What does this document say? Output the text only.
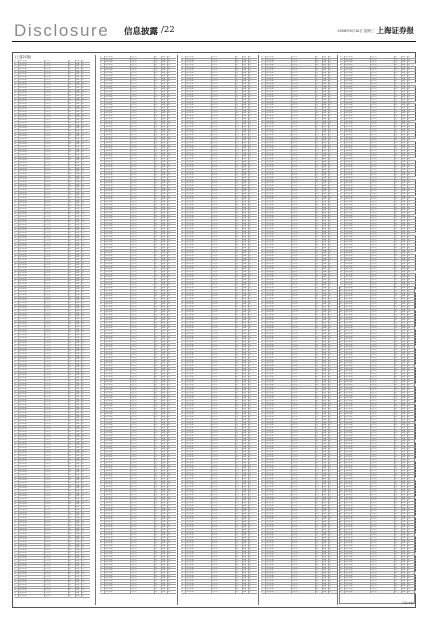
Disclosure 信息披露 /22	2008年6月18日 星期三 上海证券报
(上接21版)
0	证券名称	持有人	0	0.0	0
0	证券名称	持有人	0	0.0	0
0	证券名称	持有人	0	0.0	0
0	证券名称	持有人	0	0.0	0
0	证券名称	持有人	0	0.0	0
0	证券名称	持有人	0	0.0	0
0	证券名称	持有人	0	0.0	0
0	证券名称	持有人	0	0.0	0
0	证券名称	持有人	0	0.0	0
0	证券名称	持有人	0	0.0	0
0	证券名称	持有人	0	0.0	0
0	证券名称	持有人	0	0.0	0
0	证券名称	持有人	0	0.0	0
0	证券名称	持有人	0	0.0	0
0	证券名称	持有人	0	0.0	0
0	证券名称	持有人	0	0.0	0
0	证券名称	持有人	0	0.0	0
0	证券名称	持有人	0	0.0	0
0	证券名称	持有人	0	0.0	0
0	证券名称	持有人	0	0.0	0
0	证券名称	持有人	0	0.0	0
0	证券名称	持有人	0	0.0	0
0	证券名称	持有人	0	0.0	0
0	证券名称	持有人	0	0.0	0
0	证券名称	持有人	0	0.0	0
0	证券名称	持有人	0	0.0	0
0	证券名称	持有人	0	0.0	0
0	证券名称	持有人	0	0.0	0
0	证券名称	持有人	0	0.0	0
0	证券名称	持有人	0	0.0	0
0	证券名称	持有人	0	0.0	0
0	证券名称	持有人	0	0.0	0
0	证券名称	持有人	0	0.0	0
0	证券名称	持有人	0	0.0	0
0	证券名称	持有人	0	0.0	0
0	证券名称	持有人	0	0.0	0
0	证券名称	持有人	0	0.0	0
0	证券名称	持有人	0	0.0	0
0	证券名称	持有人	0	0.0	0
0	证券名称	持有人	0	0.0	0
0	证券名称	持有人	0	0.0	0
0	证券名称	持有人	0	0.0	0
0	证券名称	持有人	0	0.0	0
0	证券名称	持有人	0	0.0	0
0	证券名称	持有人	0	0.0	0
0	证券名称	持有人	0	0.0	0
0	证券名称	持有人	0	0.0	0
0	证券名称	持有人	0	0.0	0
0	证券名称	持有人	0	0.0	0
0	证券名称	持有人	0	0.0	0
0	证券名称	持有人	0	0.0	0
0	证券名称	持有人	0	0.0	0
0	证券名称	持有人	0	0.0	0
0	证券名称	持有人	0	0.0	0
0	证券名称	持有人	0	0.0	0
0	证券名称	持有人	0	0.0	0
0	证券名称	持有人	0	0.0	0
0	证券名称	持有人	0	0.0	0
0	证券名称	持有人	0	0.0	0
0	证券名称	持有人	0	0.0	0
0	证券名称	持有人	0	0.0	0
0	证券名称	持有人	0	0.0	0
0	证券名称	持有人	0	0.0	0
0	证券名称	持有人	0	0.0	0
0	证券名称	持有人	0	0.0	0
0	证券名称	持有人	0	0.0	0
0	证券名称	持有人	0	0.0	0
0	证券名称	持有人	0	0.0	0
0	证券名称	持有人	0	0.0	0
0	证券名称	持有人	0	0.0	0
0	证券名称	持有人	0	0.0	0
0	证券名称	持有人	0	0.0	0
0	证券名称	持有人	0	0.0	0
0	证券名称	持有人	0	0.0	0
0	证券名称	持有人	0	0.0	0
0	证券名称	持有人	0	0.0	0
0	证券名称	持有人	0	0.0	0
0	证券名称	持有人	0	0.0	0
0	证券名称	持有人	0	0.0	0
0	证券名称	持有人	0	0.0	0
0	证券名称	持有人	0	0.0	0
0	证券名称	持有人	0	0.0	0
0	证券名称	持有人	0	0.0	0
0	证券名称	持有人	0	0.0	0
0	证券名称	持有人	0	0.0	0
0	证券名称	持有人	0	0.0	0
0	证券名称	持有人	0	0.0	0
0	证券名称	持有人	0	0.0	0
0	证券名称	持有人	0	0.0	0
0	证券名称	持有人	0	0.0	0
0	证券名称	持有人	0	0.0	0
0	证券名称	持有人	0	0.0	0
0	证券名称	持有人	0	0.0	0
0	证券名称	持有人	0	0.0	0
0	证券名称	持有人	0	0.0	0
0	证券名称	持有人	0	0.0	0
0	证券名称	持有人	0	0.0	0
0	证券名称	持有人	0	0.0	0
0	证券名称	持有人	0	0.0	0
0	证券名称	持有人	0	0.0	0
0	证券名称	持有人	0	0.0	0
0	证券名称	持有人	0	0.0	0
0	证券名称	持有人	0	0.0	0
0	证券名称	持有人	0	0.0	0
0	证券名称	持有人	0	0.0	0
0	证券名称	持有人	0	0.0	0
0	证券名称	持有人	0	0.0	0
0	证券名称	持有人	0	0.0	0
0	证券名称	持有人	0	0.0	0
0	证券名称	持有人	0	0.0	0
0	证券名称	持有人	0	0.0	0
0	证券名称	持有人	0	0.0	0
0	证券名称	持有人	0	0.0	0
0	证券名称	持有人	0	0.0	0
0	证券名称	持有人	0	0.0	0
0	证券名称	持有人	0	0.0	0
0	证券名称	持有人	0	0.0	0
0	证券名称	持有人	0	0.0	0
0	证券名称	持有人	0	0.0	0
0	证券名称	持有人	0	0.0	0
0	证券名称	持有人	0	0.0	0
0	证券名称	持有人	0	0.0	0
0	证券名称	持有人	0	0.0	0
0	证券名称	持有人	0	0.0	0
0	证券名称	持有人	0	0.0	0
0	证券名称	持有人	0	0.0	0
0	证券名称	持有人	0	0.0	0
0	证券名称	持有人	0	0.0	0
0	证券名称	持有人	0	0.0	0
0	证券名称	持有人	0	0.0	0
0	证券名称	持有人	0	0.0	0
0	证券名称	持有人	0	0.0	0
0	证券名称	持有人	0	0.0	0
0	证券名称	持有人	0	0.0	0
0	证券名称	持有人	0	0.0	0
0	证券名称	持有人	0	0.0	0
0	证券名称	持有人	0	0.0	0
0	证券名称	持有人	0	0.0	0
0	证券名称	持有人	0	0.0	0
0	证券名称	持有人	0	0.0	0
0	证券名称	持有人	0	0.0	0
0	证券名称	持有人	0	0.0	0
0	证券名称	持有人	0	0.0	0
0	证券名称	持有人	0	0.0	0
0	证券名称	持有人	0	0.0	0
0	证券名称	持有人	0	0.0	0
0	证券名称	持有人	0	0.0	0
0	证券名称	持有人	0	0.0	0
0	证券名称	持有人	0	0.0	0
0	证券名称	持有人	0	0.0	0
0	证券名称	持有人	0	0.0	0
0	证券名称	持有人	0	0.0	0
0	证券名称	持有人	0	0.0	0
0	证券名称	持有人	0	0.0	0
0	证券名称	持有人	0	0.0	0
0	证券名称	持有人	0	0.0	0
0	证券名称	持有人	0	0.0	0
0	证券名称	持有人	0	0.0	0
0	证券名称	持有人	0	0.0	0
0	证券名称	持有人	0	0.0	0
0	证券名称	持有人	0	0.0	0
0	证券名称	持有人	0	0.0	0
0	证券名称	持有人	0	0.0	0
0	证券名称	持有人	0	0.0	0
0	证券名称	持有人	0	0.0	0
0	证券名称	持有人	0	0.0	0
0	证券名称	持有人	0	0.0	0
0	证券名称	持有人	0	0.0	0
0	证券名称	持有人	0	0.0	0
0	证券名称	持有人	0	0.0	0
0	证券名称	持有人	0	0.0	0
0	证券名称	持有人	0	0.0	0
0	证券名称	持有人	0	0.0	0
0	证券名称	持有人	0	0.0	0
0	证券名称	持有人	0	0.0	0
0	证券名称	持有人	0	0.0	0
0	证券名称	持有人	0	0.0	0
0	证券名称	持有人	0	0.0	0
0	证券名称	持有人	0	0.0	0
0	证券名称	持有人	0	0.0	0
0	证券名称	持有人	0	0.0	0
0	证券名称	持有人	0	0.0	0
0	证券名称	持有人	0	0.0	0
0	证券名称	持有人	0	0.0	0
0	证券名称	持有人	0	0.0	0
0	证券名称	持有人	0	0.0	0
0	证券名称	持有人	0	0.0	0
0	证券名称	持有人	0	0.0	0
0	证券名称	持有人	0	0.0	0
0	证券名称	持有人	0	0.0	0
0	证券名称	持有人	0	0.0	0
0	证券名称	持有人	0	0.0	0
0	证券名称	持有人	0	0.0	0
0	证券名称	持有人	0	0.0	0
0	证券名称	持有人	0	0.0	0
0	证券名称	持有人	0	0.0	0
0	证券名称	持有人	0	0.0	0
0	证券名称	持有人	0	0.0	0
0	证券名称	持有人	0	0.0	0
0	证券名称	持有人	0	0.0	0
0	证券名称	持有人	0	0.0	0
0	证券名称	持有人	0	0.0	0
0	证券名称	持有人	0	0.0	0
0	证券名称	持有人	0	0.0	0
0	证券名称	持有人	0	0.0	0
0	证券名称	持有人	0	0.0	0
0	证券名称	持有人	0	0.0	0
0	证券名称	持有人	0	0.0	0
0	证券名称	持有人	0	0.0	0
0	证券名称	持有人	0	0.0	0
0	证券名称	持有人	0	0.0	0
0	证券名称	持有人	0	0.0	0
0	证券名称	持有人	0	0.0	0
0	证券名称	持有人	0	0.0	0
0	证券名称	持有人	0	0.0	0
0	证券名称	持有人	0	0.0	0
0	证券名称	持有人	0	0.0	0
0	证券名称	持有人	0	0.0	0
0	证券名称	持有人	0	0.0	0
0	证券名称	持有人	0	0.0	0
0	证券名称	持有人	0	0.0	0
0	证券名称	持有人	0	0.0	0
0	证券名称	持有人	0	0.0	0
0	证券名称	持有人	0	0.0	0
0	证券名称	持有人	0	0.0	0
0	证券名称	持有人	0	0.0	0
0	证券名称	持有人	0	0.0	0
0	证券名称	持有人	0	0.0	0
0	证券名称	持有人	0	0.0	0
0	证券名称	持有人	0	0.0	0
0	证券名称	持有人	0	0.0	0
0	证券名称	持有人	0	0.0	0
0	证券名称	持有人	0	0.0	0
0	证券名称	持有人	0	0.0	0
0	证券名称	持有人	0	0.0	0
0	证券名称	持有人	0	0.0	0
0	证券名称	持有人	0	0.0	0
0	证券名称	持有人	0	0.0	0
0	证券名称	持有人	0	0.0	0
0	证券名称	持有人	0	0.0	0
0	证券名称	持有人	0	0.0	0
0	证券名称	持有人	0	0.0	0
0	证券名称	持有人	0	0.0	0
0	证券名称	持有人	0	0.0	0
0	证券名称	持有人	0	0.0	0
0	证券名称	持有人	0	0.0	0
0	证券名称	持有人	0	0.0	0
0	证券名称	持有人	0	0.0	0
0	证券名称	持有人	0	0.0	0
0	证券名称	持有人	0	0.0	0
0	证券名称	持有人	0	0.0	0
0	证券名称	持有人	0	0.0	0
0	证券名称	持有人	0	0.0	0
0	证券名称	持有人	0	0.0	0
0	证券名称	持有人	0	0.0	0
0	证券名称	持有人	0	0.0	0
0	证券名称	持有人	0	0.0	0
0	证券名称	持有人	0	0.0	0
0	证券名称	持有人	0	0.0	0
0	证券名称	持有人	0	0.0	0
0	证券名称	持有人	0	0.0	0
0	证券名称	持有人	0	0.0	0
0	证券名称	持有人	0	0.0	0
0	证券名称	持有人	0	0.0	0
0	证券名称	持有人	0	0.0	0
0	证券名称	持有人	0	0.0	0
0	证券名称	持有人	0	0.0	0
0	证券名称	持有人	0	0.0	0
0	证券名称	持有人	0	0.0	0
0	证券名称	持有人	0	0.0	0
0	证券名称	持有人	0	0.0	0
0	证券名称	持有人	0	0.0	0
0	证券名称	持有人	0	0.0	0
0	证券名称	持有人	0	0.0	0
0	证券名称	持有人	0	0.0	0
0	证券名称	持有人	0	0.0	0
0	证券名称	持有人	0	0.0	0
0	证券名称	持有人	0	0.0	0
0	证券名称	持有人	0	0.0	0
0	证券名称	持有人	0	0.0	0
0	证券名称	持有人	0	0.0	0
0	证券名称	持有人	0	0.0	0
0	证券名称	持有人	0	0.0	0
0	证券名称	持有人	0	0.0	0
0	证券名称	持有人	0	0.0	0
0	证券名称	持有人	0	0.0	0
0	证券名称	持有人	0	0.0	0
0	证券名称	持有人	0	0.0	0
0	证券名称	持有人	0	0.0	0
0	证券名称	持有人	0	0.0	0
0	证券名称	持有人	0	0.0	0
0	证券名称	持有人	0	0.0	0
0	证券名称	持有人	0	0.0	0
0	证券名称	持有人	0	0.0	0
0	证券名称	持有人	0	0.0	0
0	证券名称	持有人	0	0.0	0
0	证券名称	持有人	0	0.0	0
0	证券名称	持有人	0	0.0	0
0	证券名称	持有人	0	0.0	0
0	证券名称	持有人	0	0.0	0
0	证券名称	持有人	0	0.0	0
0	证券名称	持有人	0	0.0	0
0	证券名称	持有人	0	0.0	0
0	证券名称	持有人	0	0.0	0
0	证券名称	持有人	0	0.0	0
0	证券名称	持有人	0	0.0	0
0	证券名称	持有人	0	0.0	0
0	证券名称	持有人	0	0.0	0
0	证券名称	持有人	0	0.0	0
0	证券名称	持有人	0	0.0	0
0	证券名称	持有人	0	0.0	0
0	证券名称	持有人	0	0.0	0
0	证券名称	持有人	0	0.0	0
0	证券名称	持有人	0	0.0	0
0	证券名称	持有人	0	0.0	0
0	证券名称	持有人	0	0.0	0
0	证券名称	持有人	0	0.0	0
0	证券名称	持有人	0	0.0	0
0	证券名称	持有人	0	0.0	0
0	证券名称	持有人	0	0.0	0
0	证券名称	持有人	0	0.0	0
0	证券名称	持有人	0	0.0	0
0	证券名称	持有人	0	0.0	0
0	证券名称	持有人	0	0.0	0
0	证券名称	持有人	0	0.0	0
0	证券名称	持有人	0	0.0	0
0	证券名称	持有人	0	0.0	0
0	证券名称	持有人	0	0.0	0
0	证券名称	持有人	0	0.0	0
0	证券名称	持有人	0	0.0	0
0	证券名称	持有人	0	0.0	0
0	证券名称	持有人	0	0.0	0
0	证券名称	持有人	0	0.0	0
0	证券名称	持有人	0	0.0	0
0	证券名称	持有人	0	0.0	0
0	证券名称	持有人	0	0.0	0
0	证券名称	持有人	0	0.0	0
0	证券名称	持有人	0	0.0	0
0	证券名称	持有人	0	0.0	0
0	证券名称	持有人	0	0.0	0
0	证券名称	持有人	0	0.0	0
0	证券名称	持有人	0	0.0	0
0	证券名称	持有人	0	0.0	0
0	证券名称	持有人	0	0.0	0
0	证券名称	持有人	0	0.0	0
0	证券名称	持有人	0	0.0	0
0	证券名称	持有人	0	0.0	0
0	证券名称	持有人	0	0.0	0
0	证券名称	持有人	0	0.0	0
0	证券名称	持有人	0	0.0	0
0	证券名称	持有人	0	0.0	0
0	证券名称	持有人	0	0.0	0
0	证券名称	持有人	0	0.0	0
0	证券名称	持有人	0	0.0	0
0	证券名称	持有人	0	0.0	0
0	证券名称	持有人	0	0.0	0
0	证券名称	持有人	0	0.0	0
0	证券名称	持有人	0	0.0	0
0	证券名称	持有人	0	0.0	0
0	证券名称	持有人	0	0.0	0
0	证券名称	持有人	0	0.0	0
0	证券名称	持有人	0	0.0	0
0	证券名称	持有人	0	0.0	0
0	证券名称	持有人	0	0.0	0
0	证券名称	持有人	0	0.0	0
0	证券名称	持有人	0	0.0	0
0	证券名称	持有人	0	0.0	0
0	证券名称	持有人	0	0.0	0
0	证券名称	持有人	0	0.0	0
0	证券名称	持有人	0	0.0	0
0	证券名称	持有人	0	0.0	0
0	证券名称	持有人	0	0.0	0
0	证券名称	持有人	0	0.0	0
0	证券名称	持有人	0	0.0	0
0	证券名称	持有人	0	0.0	0
0	证券名称	持有人	0	0.0	0
0	证券名称	持有人	0	0.0	0
0	证券名称	持有人	0	0.0	0
0	证券名称	持有人	0	0.0	0
0	证券名称	持有人	0	0.0	0
0	证券名称	持有人	0	0.0	0
0	证券名称	持有人	0	0.0	0
0	证券名称	持有人	0	0.0	0
0	证券名称	持有人	0	0.0	0
0	证券名称	持有人	0	0.0	0
0	证券名称	持有人	0	0.0	0
0	证券名称	持有人	0	0.0	0
0	证券名称	持有人	0	0.0	0
0	证券名称	持有人	0	0.0	0
0	证券名称	持有人	0	0.0	0
0	证券名称	持有人	0	0.0	0
0	证券名称	持有人	0	0.0	0
0	证券名称	持有人	0	0.0	0
0	证券名称	持有人	0	0.0	0
0	证券名称	持有人	0	0.0	0
0	证券名称	持有人	0	0.0	0
0	证券名称	持有人	0	0.0	0
0	证券名称	持有人	0	0.0	0
0	证券名称	持有人	0	0.0	0
0	证券名称	持有人	0	0.0	0
0	证券名称	持有人	0	0.0	0
0	证券名称	持有人	0	0.0	0
0	证券名称	持有人	0	0.0	0
0	证券名称	持有人	0	0.0	0
0	证券名称	持有人	0	0.0	0
0	证券名称	持有人	0	0.0	0
0	证券名称	持有人	0	0.0	0
0	证券名称	持有人	0	0.0	0
0	证券名称	持有人	0	0.0	0
0	证券名称	持有人	0	0.0	0
0	证券名称	持有人	0	0.0	0
0	证券名称	持有人	0	0.0	0
0	证券名称	持有人	0	0.0	0
0	证券名称	持有人	0	0.0	0
0	证券名称	持有人	0	0.0	0
0	证券名称	持有人	0	0.0	0
0	证券名称	持有人	0	0.0	0
0	证券名称	持有人	0	0.0	0
0	证券名称	持有人	0	0.0	0
0	证券名称	持有人	0	0.0	0
0	证券名称	持有人	0	0.0	0
0	证券名称	持有人	0	0.0	0
0	证券名称	持有人	0	0.0	0
0	证券名称	持有人	0	0.0	0
0	证券名称	持有人	0	0.0	0
0	证券名称	持有人	0	0.0	0
0	证券名称	持有人	0	0.0	0
0	证券名称	持有人	0	0.0	0
0	证券名称	持有人	0	0.0	0
0	证券名称	持有人	0	0.0	0
0	证券名称	持有人	0	0.0	0
0	证券名称	持有人	0	0.0	0
0	证券名称	持有人	0	0.0	0
0	证券名称	持有人	0	0.0	0
0	证券名称	持有人	0	0.0	0
0	证券名称	持有人	0	0.0	0
0	证券名称	持有人	0	0.0	0
0	证券名称	持有人	0	0.0	0
0	证券名称	持有人	0	0.0	0
0	证券名称	持有人	0	0.0	0
0	证券名称	持有人	0	0.0	0
0	证券名称	持有人	0	0.0	0
0	证券名称	持有人	0	0.0	0
0	证券名称	持有人	0	0.0	0
0	证券名称	持有人	0	0.0	0
0	证券名称	持有人	0	0.0	0
0	证券名称	持有人	0	0.0	0
0	证券名称	持有人	0	0.0	0
0	证券名称	持有人	0	0.0	0
0	证券名称	持有人	0	0.0	0
0	证券名称	持有人	0	0.0	0
0	证券名称	持有人	0	0.0	0
0	证券名称	持有人	0	0.0	0
0	证券名称	持有人	0	0.0	0
0	证券名称	持有人	0	0.0	0
0	证券名称	持有人	0	0.0	0
0	证券名称	持有人	0	0.0	0
0	证券名称	持有人	0	0.0	0
0	证券名称	持有人	0	0.0	0
0	证券名称	持有人	0	0.0	0
0	证券名称	持有人	0	0.0	0
0	证券名称	持有人	0	0.0	0
0	证券名称	持有人	0	0.0	0
0	证券名称	持有人	0	0.0	0
0	证券名称	持有人	0	0.0	0
0	证券名称	持有人	0	0.0	0
0	证券名称	持有人	0	0.0	0
0	证券名称	持有人	0	0.0	0
0	证券名称	持有人	0	0.0	0
0	证券名称	持有人	0	0.0	0
0	证券名称	持有人	0	0.0	0
0	证券名称	持有人	0	0.0	0
0	证券名称	持有人	0	0.0	0
0	证券名称	持有人	0	0.0	0
0	证券名称	持有人	0	0.0	0
0	证券名称	持有人	0	0.0	0
0	证券名称	持有人	0	0.0	0
0	证券名称	持有人	0	0.0	0
0	证券名称	持有人	0	0.0	0
0	证券名称	持有人	0	0.0	0
0	证券名称	持有人	0	0.0	0
0	证券名称	持有人	0	0.0	0
0	证券名称	持有人	0	0.0	0
0	证券名称	持有人	0	0.0	0
0	证券名称	持有人	0	0.0	0
0	证券名称	持有人	0	0.0	0
0	证券名称	持有人	0	0.0	0
0	证券名称	持有人	0	0.0	0
0	证券名称	持有人	0	0.0	0
0	证券名称	持有人	0	0.0	0
0	证券名称	持有人	0	0.0	0
0	证券名称	持有人	0	0.0	0
0	证券名称	持有人	0	0.0	0
0	证券名称	持有人	0	0.0	0
0	证券名称	持有人	0	0.0	0
0	证券名称	持有人	0	0.0	0
0	证券名称	持有人	0	0.0	0
0	证券名称	持有人	0	0.0	0
0	证券名称	持有人	0	0.0	0
0	证券名称	持有人	0	0.0	0
0	证券名称	持有人	0	0.0	0
0	证券名称	持有人	0	0.0	0
0	证券名称	持有人	0	0.0	0
0	证券名称	持有人	0	0.0	0
0	证券名称	持有人	0	0.0	0
0	证券名称	持有人	0	0.0	0
0	证券名称	持有人	0	0.0	0
0	证券名称	持有人	0	0.0	0
0	证券名称	持有人	0	0.0	0
0	证券名称	持有人	0	0.0	0
0	证券名称	持有人	0	0.0	0
0	证券名称	持有人	0	0.0	0
0	证券名称	持有人	0	0.0	0
0	证券名称	持有人	0	0.0	0
0	证券名称	持有人	0	0.0	0
0	证券名称	持有人	0	0.0	0
0	证券名称	持有人	0	0.0	0
0	证券名称	持有人	0	0.0	0
0	证券名称	持有人	0	0.0	0
0	证券名称	持有人	0	0.0	0
0	证券名称	持有人	0	0.0	0
0	证券名称	持有人	0	0.0	0
0	证券名称	持有人	0	0.0	0
0	证券名称	持有人	0	0.0	0
0	证券名称	持有人	0	0.0	0
0	证券名称	持有人	0	0.0	0
0	证券名称	持有人	0	0.0	0
0	证券名称	持有人	0	0.0	0
0	证券名称	持有人	0	0.0	0
0	证券名称	持有人	0	0.0	0
0	证券名称	持有人	0	0.0	0
0	证券名称	持有人	0	0.0	0
0	证券名称	持有人	0	0.0	0
0	证券名称	持有人	0	0.0	0
0	证券名称	持有人	0	0.0	0
0	证券名称	持有人	0	0.0	0
0	证券名称	持有人	0	0.0	0
0	证券名称	持有人	0	0.0	0
0	证券名称	持有人	0	0.0	0
0	证券名称	持有人	0	0.0	0
0	证券名称	持有人	0	0.0	0
0	证券名称	持有人	0	0.0	0
0	证券名称	持有人	0	0.0	0
0	证券名称	持有人	0	0.0	0
0	证券名称	持有人	0	0.0	0
0	证券名称	持有人	0	0.0	0
0	证券名称	持有人	0	0.0	0
0	证券名称	持有人	0	0.0	0
0	证券名称	持有人	0	0.0	0
0	证券名称	持有人	0	0.0	0
0	证券名称	持有人	0	0.0	0
0	证券名称	持有人	0	0.0	0
0	证券名称	持有人	0	0.0	0
0	证券名称	持有人	0	0.0	0
0	证券名称	持有人	0	0.0	0
0	证券名称	持有人	0	0.0	0
0	证券名称	持有人	0	0.0	0
0	证券名称	持有人	0	0.0	0
0	证券名称	持有人	0	0.0	0
0	证券名称	持有人	0	0.0	0
0	证券名称	持有人	0	0.0	0
0	证券名称	持有人	0	0.0	0
0	证券名称	持有人	0	0.0	0
0	证券名称	持有人	0	0.0	0
0	证券名称	持有人	0	0.0	0
0	证券名称	持有人	0	0.0	0
0	证券名称	持有人	0	0.0	0
0	证券名称	持有人	0	0.0	0
0	证券名称	持有人	0	0.0	0
0	证券名称	持有人	0	0.0	0
0	证券名称	持有人	0	0.0	0
0	证券名称	持有人	0	0.0	0
0	证券名称	持有人	0	0.0	0
0	证券名称	持有人	0	0.0	0
0	证券名称	持有人	0	0.0	0
0	证券名称	持有人	0	0.0	0
0	证券名称	持有人	0	0.0	0
0	证券名称	持有人	0	0.0	0
0	证券名称	持有人	0	0.0	0
0	证券名称	持有人	0	0.0	0
0	证券名称	持有人	0	0.0	0
0	证券名称	持有人	0	0.0	0
0	证券名称	持有人	0	0.0	0
0	证券名称	持有人	0	0.0	0
0	证券名称	持有人	0	0.0	0
0	证券名称	持有人	0	0.0	0
0	证券名称	持有人	0	0.0	0
0	证券名称	持有人	0	0.0	0
0	证券名称	持有人	0	0.0	0
0	证券名称	持有人	0	0.0	0
0	证券名称	持有人	0	0.0	0
0	证券名称	持有人	0	0.0	0
0	证券名称	持有人	0	0.0	0
0	证券名称	持有人	0	0.0	0
0	证券名称	持有人	0	0.0	0
0	证券名称	持有人	0	0.0	0
0	证券名称	持有人	0	0.0	0
0	证券名称	持有人	0	0.0	0
0	证券名称	持有人	0	0.0	0
0	证券名称	持有人	0	0.0	0
0	证券名称	持有人	0	0.0	0
0	证券名称	持有人	0	0.0	0
0	证券名称	持有人	0	0.0	0
0	证券名称	持有人	0	0.0	0
0	证券名称	持有人	0	0.0	0
0	证券名称	持有人	0	0.0	0
0	证券名称	持有人	0	0.0	0
0	证券名称	持有人	0	0.0	0
0	证券名称	持有人	0	0.0	0
0	证券名称	持有人	0	0.0	0
0	证券名称	持有人	0	0.0	0
0	证券名称	持有人	0	0.0	0
0	证券名称	持有人	0	0.0	0
0	证券名称	持有人	0	0.0	0
0	证券名称	持有人	0	0.0	0
0	证券名称	持有人	0	0.0	0
0	证券名称	持有人	0	0.0	0
0	证券名称	持有人	0	0.0	0
0	证券名称	持有人	0	0.0	0
0	证券名称	持有人	0	0.0	0
0	证券名称	持有人	0	0.0	0
0	证券名称	持有人	0	0.0	0
0	证券名称	持有人	0	0.0	0
0	证券名称	持有人	0	0.0	0
0	证券名称	持有人	0	0.0	0
0	证券名称	持有人	0	0.0	0
0	证券名称	持有人	0	0.0	0
0	证券名称	持有人	0	0.0	0
0	证券名称	持有人	0	0.0	0
0	证券名称	持有人	0	0.0	0
0	证券名称	持有人	0	0.0	0
0	证券名称	持有人	0	0.0	0
0	证券名称	持有人	0	0.0	0
0	证券名称	持有人	0	0.0	0
0	证券名称	持有人	0	0.0	0
0	证券名称	持有人	0	0.0	0
0	证券名称	持有人	0	0.0	0
0	证券名称	持有人	0	0.0	0
0	证券名称	持有人	0	0.0	0
0	证券名称	持有人	0	0.0	0
0	证券名称	持有人	0	0.0	0
0	证券名称	持有人	0	0.0	0
0	证券名称	持有人	0	0.0	0
0	证券名称	持有人	0	0.0	0
0	证券名称	持有人	0	0.0	0
0	证券名称	持有人	0	0.0	0
0	证券名称	持有人	0	0.0	0
0	证券名称	持有人	0	0.0	0
0	证券名称	持有人	0	0.0	0
0	证券名称	持有人	0	0.0	0
0	证券名称	持有人	0	0.0	0
0	证券名称	持有人	0	0.0	0
0	证券名称	持有人	0	0.0	0
0	证券名称	持有人	0	0.0	0
0	证券名称	持有人	0	0.0	0
0	证券名称	持有人	0	0.0	0
0	证券名称	持有人	0	0.0	0
0	证券名称	持有人	0	0.0	0
0	证券名称	持有人	0	0.0	0
0	证券名称	持有人	0	0.0	0
0	证券名称	持有人	0	0.0	0
0	证券名称	持有人	0	0.0	0
0	证券名称	持有人	0	0.0	0
0	证券名称	持有人	0	0.0	0
0	证券名称	持有人	0	0.0	0
0	证券名称	持有人	0	0.0	0
0	证券名称	持有人	0	0.0	0
0	证券名称	持有人	0	0.0	0
0	证券名称	持有人	0	0.0	0
0	证券名称	持有人	0	0.0	0
0	证券名称	持有人	0	0.0	0
0	证券名称	持有人	0	0.0	0
0	证券名称	持有人	0	0.0	0
0	证券名称	持有人	0	0.0	0
0	证券名称	持有人	0	0.0	0
0	证券名称	持有人	0	0.0	0
0	证券名称	持有人	0	0.0	0
0	证券名称	持有人	0	0.0	0
0	证券名称	持有人	0	0.0	0
0	证券名称	持有人	0	0.0	0
0	证券名称	持有人	0	0.0	0
0	证券名称	持有人	0	0.0	0
0	证券名称	持有人	0	0.0	0
0	证券名称	持有人	0	0.0	0
0	证券名称	持有人	0	0.0	0
0	证券名称	持有人	0	0.0	0
0	证券名称	持有人	0	0.0	0
0	证券名称	持有人	0	0.0	0
0	证券名称	持有人	0	0.0	0
0	证券名称	持有人	0	0.0	0
0	证券名称	持有人	0	0.0	0
0	证券名称	持有人	0	0.0	0
0	证券名称	持有人	0	0.0	0
0	证券名称	持有人	0	0.0	0
0	证券名称	持有人	0	0.0	0
0	证券名称	持有人	0	0.0	0
0	证券名称	持有人	0	0.0	0
0	证券名称	持有人	0	0.0	0
0	证券名称	持有人	0	0.0	0
0	证券名称	持有人	0	0.0	0
0	证券名称	持有人	0	0.0	0
0	证券名称	持有人	0	0.0	0
0	证券名称	持有人	0	0.0	0
0	证券名称	持有人	0	0.0	0
0	证券名称	持有人	0	0.0	0
0	证券名称	持有人	0	0.0	0
0	证券名称	持有人	0	0.0	0
0	证券名称	持有人	0	0.0	0
0	证券名称	持有人	0	0.0	0
0	证券名称	持有人	0	0.0	0
0	证券名称	持有人	0	0.0	0
0	证券名称	持有人	0	0.0	0
0	证券名称	持有人	0	0.0	0
0	证券名称	持有人	0	0.0	0
0	证券名称	持有人	0	0.0	0
0	证券名称	持有人	0	0.0	0
0	证券名称	持有人	0	0.0	0
0	证券名称	持有人	0	0.0	0
0	证券名称	持有人	0	0.0	0
0	证券名称	持有人	0	0.0	0
0	证券名称	持有人	0	0.0	0
0	证券名称	持有人	0	0.0	0
0	证券名称	持有人	0	0.0	0
0	证券名称	持有人	0	0.0	0
0	证券名称	持有人	0	0.0	0
0	证券名称	持有人	0	0.0	0
0	证券名称	持有人	0	0.0	0
0	证券名称	持有人	0	0.0	0
0	证券名称	持有人	0	0.0	0
0	证券名称	持有人	0	0.0	0
0	证券名称	持有人	0	0.0	0
0	证券名称	持有人	0	0.0	0
0	证券名称	持有人	0	0.0	0
0	证券名称	持有人	0	0.0	0
0	证券名称	持有人	0	0.0	0
0	证券名称	持有人	0	0.0	0
0	证券名称	持有人	0	0.0	0
0	证券名称	持有人	0	0.0	0
0	证券名称	持有人	0	0.0	0
0	证券名称	持有人	0	0.0	0
0	证券名称	持有人	0	0.0	0
0	证券名称	持有人	0	0.0	0
0	证券名称	持有人	0	0.0	0
0	证券名称	持有人	0	0.0	0
0	证券名称	持有人	0	0.0	0
0	证券名称	持有人	0	0.0	0
0	证券名称	持有人	0	0.0	0
0	证券名称	持有人	0	0.0	0
0	证券名称	持有人	0	0.0	0
0	证券名称	持有人	0	0.0	0
0	证券名称	持有人	0	0.0	0
0	证券名称	持有人	0	0.0	0
0	证券名称	持有人	0	0.0	0
0	证券名称	持有人	0	0.0	0
0	证券名称	持有人	0	0.0	0
0	证券名称	持有人	0	0.0	0
0	证券名称	持有人	0	0.0	0
0	证券名称	持有人	0	0.0	0
0	证券名称	持有人	0	0.0	0
0	证券名称	持有人	0	0.0	0
0	证券名称	持有人	0	0.0	0
0	证券名称	持有人	0	0.0	0
0	证券名称	持有人	0	0.0	0
0	证券名称	持有人	0	0.0	0
0	证券名称	持有人	0	0.0	0
0	证券名称	持有人	0	0.0	0
0	证券名称	持有人	0	0.0	0
0	证券名称	持有人	0	0.0	0
0	证券名称	持有人	0	0.0	0
0	证券名称	持有人	0	0.0	0
0	证券名称	持有人	0	0.0	0
0	证券名称	持有人	0	0.0	0
0	证券名称	持有人	0	0.0	0
0	证券名称	持有人	0	0.0	0
0	证券名称	持有人	0	0.0	0
0	证券名称	持有人	0	0.0	0
0	证券名称	持有人	0	0.0	0
0	证券名称	持有人	0	0.0	0
0	证券名称	持有人	0	0.0	0
0	证券名称	持有人	0	0.0	0
0	证券名称	持有人	0	0.0	0
0	证券名称	持有人	0	0.0	0
0	证券名称	持有人	0	0.0	0
0	证券名称	持有人	0	0.0	0
0	证券名称	持有人	0	0.0	0
0	证券名称	持有人	0	0.0	0
0	证券名称	持有人	0	0.0	0
0	证券名称	持有人	0	0.0	0
0	证券名称	持有人	0	0.0	0
0	证券名称	持有人	0	0.0	0
0	证券名称	持有人	0	0.0	0
0	证券名称	持有人	0	0.0	0
0	证券名称	持有人	0	0.0	0
0	证券名称	持有人	0	0.0	0
0	证券名称	持有人	0	0.0	0
0	证券名称	持有人	0	0.0	0
0	证券名称	持有人	0	0.0	0
0	证券名称	持有人	0	0.0	0
0	证券名称	持有人	0	0.0	0
0	证券名称	持有人	0	0.0	0
0	证券名称	持有人	0	0.0	0
0	证券名称	持有人	0	0.0	0
0	证券名称	持有人	0	0.0	0
0	证券名称	持有人	0	0.0	0
0	证券名称	持有人	0	0.0	0
0	证券名称	持有人	0	0.0	0
0	证券名称	持有人	0	0.0	0
0	证券名称	持有人	0	0.0	0
0	证券名称	持有人	0	0.0	0
0	证券名称	持有人	0	0.0	0
0	证券名称	持有人	0	0.0	0
0	证券名称	持有人	0	0.0	0
0	证券名称	持有人	0	0.0	0
0	证券名称	持有人	0	0.0	0
0	证券名称	持有人	0	0.0	0
0	证券名称	持有人	0	0.0	0
0	证券名称	持有人	0	0.0	0
0	证券名称	持有人	0	0.0	0
0	证券名称	持有人	0	0.0	0
0	证券名称	持有人	0	0.0	0
0	证券名称	持有人	0	0.0	0
0	证券名称	持有人	0	0.0	0
0	证券名称	持有人	0	0.0	0
0	证券名称	持有人	0	0.0	0
0	证券名称	持有人	0	0.0	0
0	证券名称	持有人	0	0.0	0
0	证券名称	持有人	0	0.0	0
0	证券名称	持有人	0	0.0	0
0	证券名称	持有人	0	0.0	0
0	证券名称	持有人	0	0.0	0
0	证券名称	持有人	0	0.0	0
0	证券名称	持有人	0	0.0	0
0	证券名称	持有人	0	0.0	0
0	证券名称	持有人	0	0.0	0
0	证券名称	持有人	0	0.0	0
0	证券名称	持有人	0	0.0	0
0	证券名称	持有人	0	0.0	0
0	证券名称	持有人	0	0.0	0
0	证券名称	持有人	0	0.0	0
0	证券名称	持有人	0	0.0	0
0	证券名称	持有人	0	0.0	0
0	证券名称	持有人	0	0.0	0
0	证券名称	持有人	0	0.0	0
0	证券名称	持有人	0	0.0	0
0	证券名称	持有人	0	0.0	0
0	证券名称	持有人	0	0.0	0
0	证券名称	持有人	0	0.0	0
0	证券名称	持有人	0	0.0	0
0	证券名称	持有人	0	0.0	0
0	证券名称	持有人	0	0.0	0
0	证券名称	持有人	0	0.0	0
0	证券名称	持有人	0	0.0	0
0	证券名称	持有人	0	0.0	0
0	证券名称	持有人	0	0.0	0
0	证券名称	持有人	0	0.0	0
0	证券名称	持有人	0	0.0	0
0	证券名称	持有人	0	0.0	0
0	证券名称	持有人	0	0.0	0
0	证券名称	持有人	0	0.0	0
0	证券名称	持有人	0	0.0	0
0	证券名称	持有人	0	0.0	0
0	证券名称	持有人	0	0.0	0
0	证券名称	持有人	0	0.0	0
0	证券名称	持有人	0	0.0	0
0	证券名称	持有人	0	0.0	0
0	证券名称	持有人	0	0.0	0
0	证券名称	持有人	0	0.0	0
0	证券名称	持有人	0	0.0	0
0	证券名称	持有人	0	0.0	0
0	证券名称	持有人	0	0.0	0
0	证券名称	持有人	0	0.0	0
0	证券名称	持有人	0	0.0	0
0	证券名称	持有人	0	0.0	0
0	证券名称	持有人	0	0.0	0
0	证券名称	持有人	0	0.0	0
0	证券名称	持有人	0	0.0	0
0	证券名称	持有人	0	0.0	0
0	证券名称	持有人	0	0.0	0
0	证券名称	持有人	0	0.0	0
0	证券名称	持有人	0	0.0	0
0	证券名称	持有人	0	0.0	0
0	证券名称	持有人	0	0.0	0
0	证券名称	持有人	0	0.0	0
0	证券名称	持有人	0	0.0	0
0	证券名称	持有人	0	0.0	0
0	证券名称	持有人	0	0.0	0
0	证券名称	持有人	0	0.0	0
0	证券名称	持有人	0	0.0	0
0	证券名称	持有人	0	0.0	0
0	证券名称	持有人	0	0.0	0
0	证券名称	持有人	0	0.0	0
0	证券名称	持有人	0	0.0	0
0	证券名称	持有人	0	0.0	0
0	证券名称	持有人	0	0.0	0
0	证券名称	持有人	0	0.0	0
0	证券名称	持有人	0	0.0	0
0	证券名称	持有人	0	0.0	0
0	证券名称	持有人	0	0.0	0
0	证券名称	持有人	0	0.0	0
0	证券名称	持有人	0	0.0	0
0	证券名称	持有人	0	0.0	0
0	证券名称	持有人	0	0.0	0
0	证券名称	持有人	0	0.0	0
0	证券名称	持有人	0	0.0	0
0	证券名称	持有人	0	0.0	0
0	证券名称	持有人	0	0.0	0
0	证券名称	持有人	0	0.0	0
0	证券名称	持有人	0	0.0	0
0	证券名称	持有人	0	0.0	0
0	证券名称	持有人	0	0.0	0
0	证券名称	持有人	0	0.0	0
0	证券名称	持有人	0	0.0	0
0	证券名称	持有人	0	0.0	0
0	证券名称	持有人	0	0.0	0
0	证券名称	持有人	0	0.0	0
0	证券名称	持有人	0	0.0	0
0	证券名称	持有人	0	0.0	0
0	证券名称	持有人	0	0.0	0
0	证券名称	持有人	0	0.0	0
0	证券名称	持有人	0	0.0	0
0	证券名称	持有人	0	0.0	0
0	证券名称	持有人	0	0.0	0
0	证券名称	持有人	0	0.0	0
0	证券名称	持有人	0	0.0	0
0	证券名称	持有人	0	0.0	0
0	证券名称	持有人	0	0.0	0
0	证券名称	持有人	0	0.0	0
0	证券名称	持有人	0	0.0	0
0	证券名称	持有人	0	0.0	0
0	证券名称	持有人	0	0.0	0
0	证券名称	持有人	0	0.0	0
0	证券名称	持有人	0	0.0	0
0	证券名称	持有人	0	0.0	0
0	证券名称	持有人	0	0.0	0
0	证券名称	持有人	0	0.0	0
0	证券名称	持有人	0	0.0	0
0	证券名称	持有人	0	0.0	0
0	证券名称	持有人	0	0.0	0
0	证券名称	持有人	0	0.0	0
0	证券名称	持有人	0	0.0	0
0	证券名称	持有人	0	0.0	0
0	证券名称	持有人	0	0.0	0
0	证券名称	持有人	0	0.0	0
0	证券名称	持有人	0	0.0	0
0	证券名称	持有人	0	0.0	0
0	证券名称	持有人	0	0.0	0
0	证券名称	持有人	0	0.0	0
0	证券名称	持有人	0	0.0	0
0	证券名称	持有人	0	0.0	0
0	证券名称	持有人	0	0.0	0
0	证券名称	持有人	0	0.0	0
0	证券名称	持有人	0	0.0	0
0	证券名称	持有人	0	0.0	0
0	证券名称	持有人	0	0.0	0
0	证券名称	持有人	0	0.0	0
0	证券名称	持有人	0	0.0	0
0	证券名称	持有人	0	0.0	0
0	证券名称	持有人	0	0.0	0
0	证券名称	持有人	0	0.0	0
0	证券名称	持有人	0	0.0	0
0	证券名称	持有人	0	0.0	0
0	证券名称	持有人	0	0.0	0
0	证券名称	持有人	0	0.0	0
0	证券名称	持有人	0	0.0	0
0	证券名称	持有人	0	0.0	0
0	证券名称	持有人	0	0.0	0
0	证券名称	持有人	0	0.0	0
0	证券名称	持有人	0	0.0	0
0	证券名称	持有人	0	0.0	0
0	证券名称	持有人	0	0.0	0
0	证券名称	持有人	0	0.0	0
0	证券名称	持有人	0	0.0	0
0	证券名称	持有人	0	0.0	0
0	证券名称	持有人	0	0.0	0
0	证券名称	持有人	0	0.0	0
0	证券名称	持有人	0	0.0	0
0	证券名称	持有人	0	0.0	0
0	证券名称	持有人	0	0.0	0
0	证券名称	持有人	0	0.0	0
0	证券名称	持有人	0	0.0	0
0	证券名称	持有人	0	0.0	0
0	证券名称	持有人	0	0.0	0
0	证券名称	持有人	0	0.0	0
0	证券名称	持有人	0	0.0	0
0	证券名称	持有人	0	0.0	0
0	证券名称	持有人	0	0.0	0
0	证券名称	持有人	0	0.0	0
0	证券名称	持有人	0	0.0	0
0	证券名称	持有人	0	0.0	0
0	证券名称	持有人	0	0.0	0
0	证券名称	持有人	0	0.0	0
0	证券名称	持有人	0	0.0	0
0	证券名称	持有人	0	0.0	0
0	证券名称	持有人	0	0.0	0
0	证券名称	持有人	0	0.0	0
0	证券名称	持有人	0	0.0	0
0	证券名称	持有人	0	0.0	0
0	证券名称	持有人	0	0.0	0
0	证券名称	持有人	0	0.0	0
0	证券名称	持有人	0	0.0	0
(下转23版)
